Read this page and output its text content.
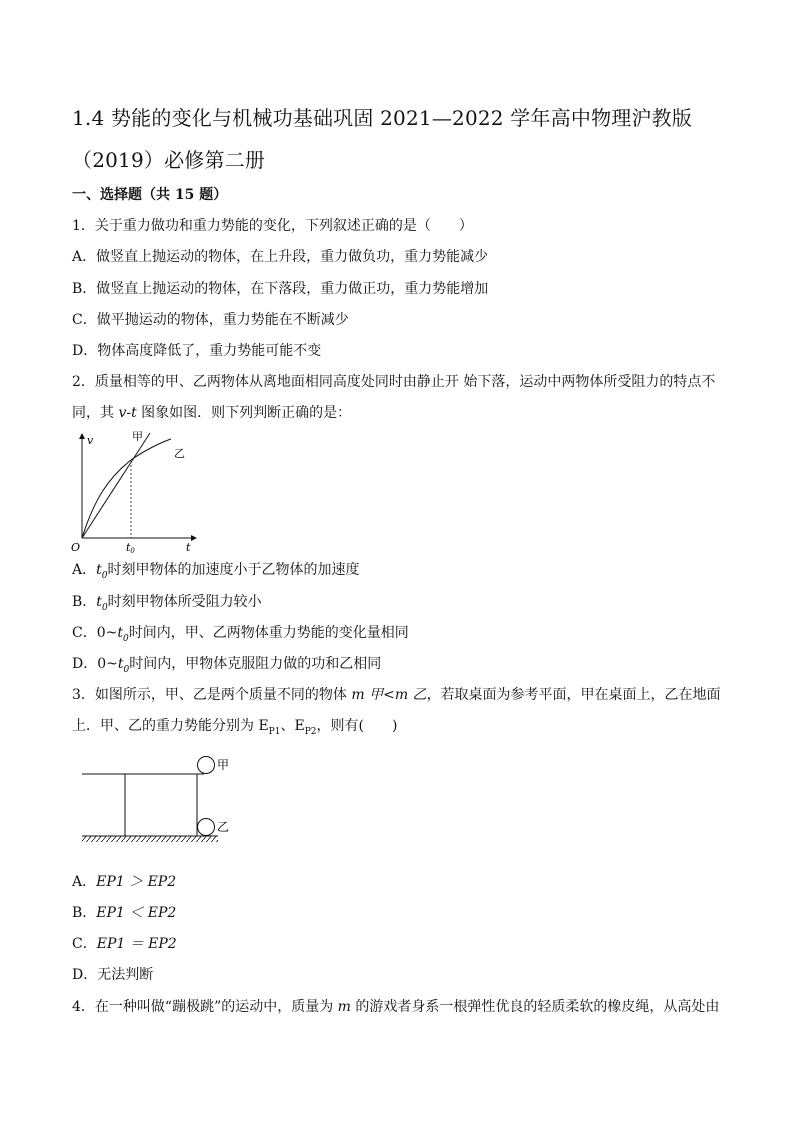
1.4 势能的变化与机械功基础巩固 2021—2022 学年高中物理沪教版
（2019）必修第二册
一、选择题（共 15 题）
1．关于重力做功和重力势能的变化，下列叙述正确的是（　　）
A．做竖直上抛运动的物体，在上升段，重力做负功，重力势能减少
B．做竖直上抛运动的物体，在下落段，重力做正功，重力势能增加
C．做平抛运动的物体，重力势能在不断减少
D．物体高度降低了，重力势能可能不变
2．质量相等的甲、乙两物体从离地面相同高度处同时由静止开 始下落，运动中两物体所受阻力的特点不
同，其 v-t 图象如图．则下列判断正确的是：
v	甲
乙
O	t0	t
A．$t_0$时刻甲物体的加速度小于乙物体的加速度
B．$t_0$时刻甲物体所受阻力较小
C．$0\sim t_0$时间内，甲、乙两物体重力势能的变化量相同
D．$0\sim t_0$时间内，甲物体克服阻力做的功和乙相同
3．如图所示，甲、乙是两个质量不同的物体 m 甲<m 乙，若取桌面为参考平面，甲在桌面上，乙在地面
上．甲、乙的重力势能分别为 $E_{P1}$、$E_{P2}$，则有(　　)
甲
乙
A．EP1 ＞ EP2
B．EP1 ＜ EP2
C．EP1 ＝ EP2
D．无法判断
4．在一种叫做“蹦极跳”的运动中，质量为 m 的游戏者身系一根弹性优良的轻质柔软的橡皮绳，从高处由
